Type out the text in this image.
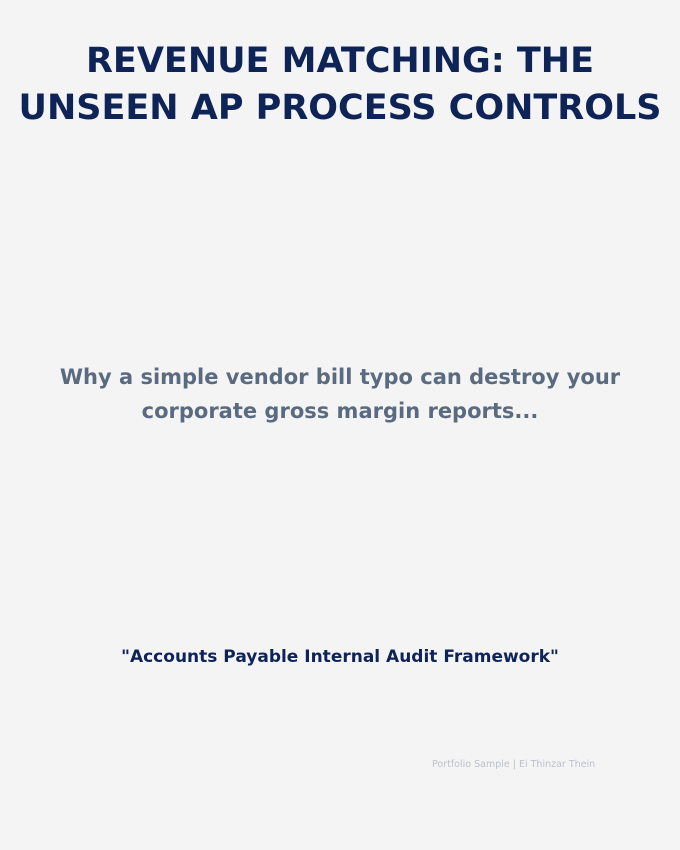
REVENUE MATCHING: THE
UNSEEN AP PROCESS CONTROLS

Why a simple vendor bill typo can destroy your
corporate gross margin reports...

"Accounts Payable Internal Audit Framework"

Portfolio Sample | Ei Thinzar Thein
